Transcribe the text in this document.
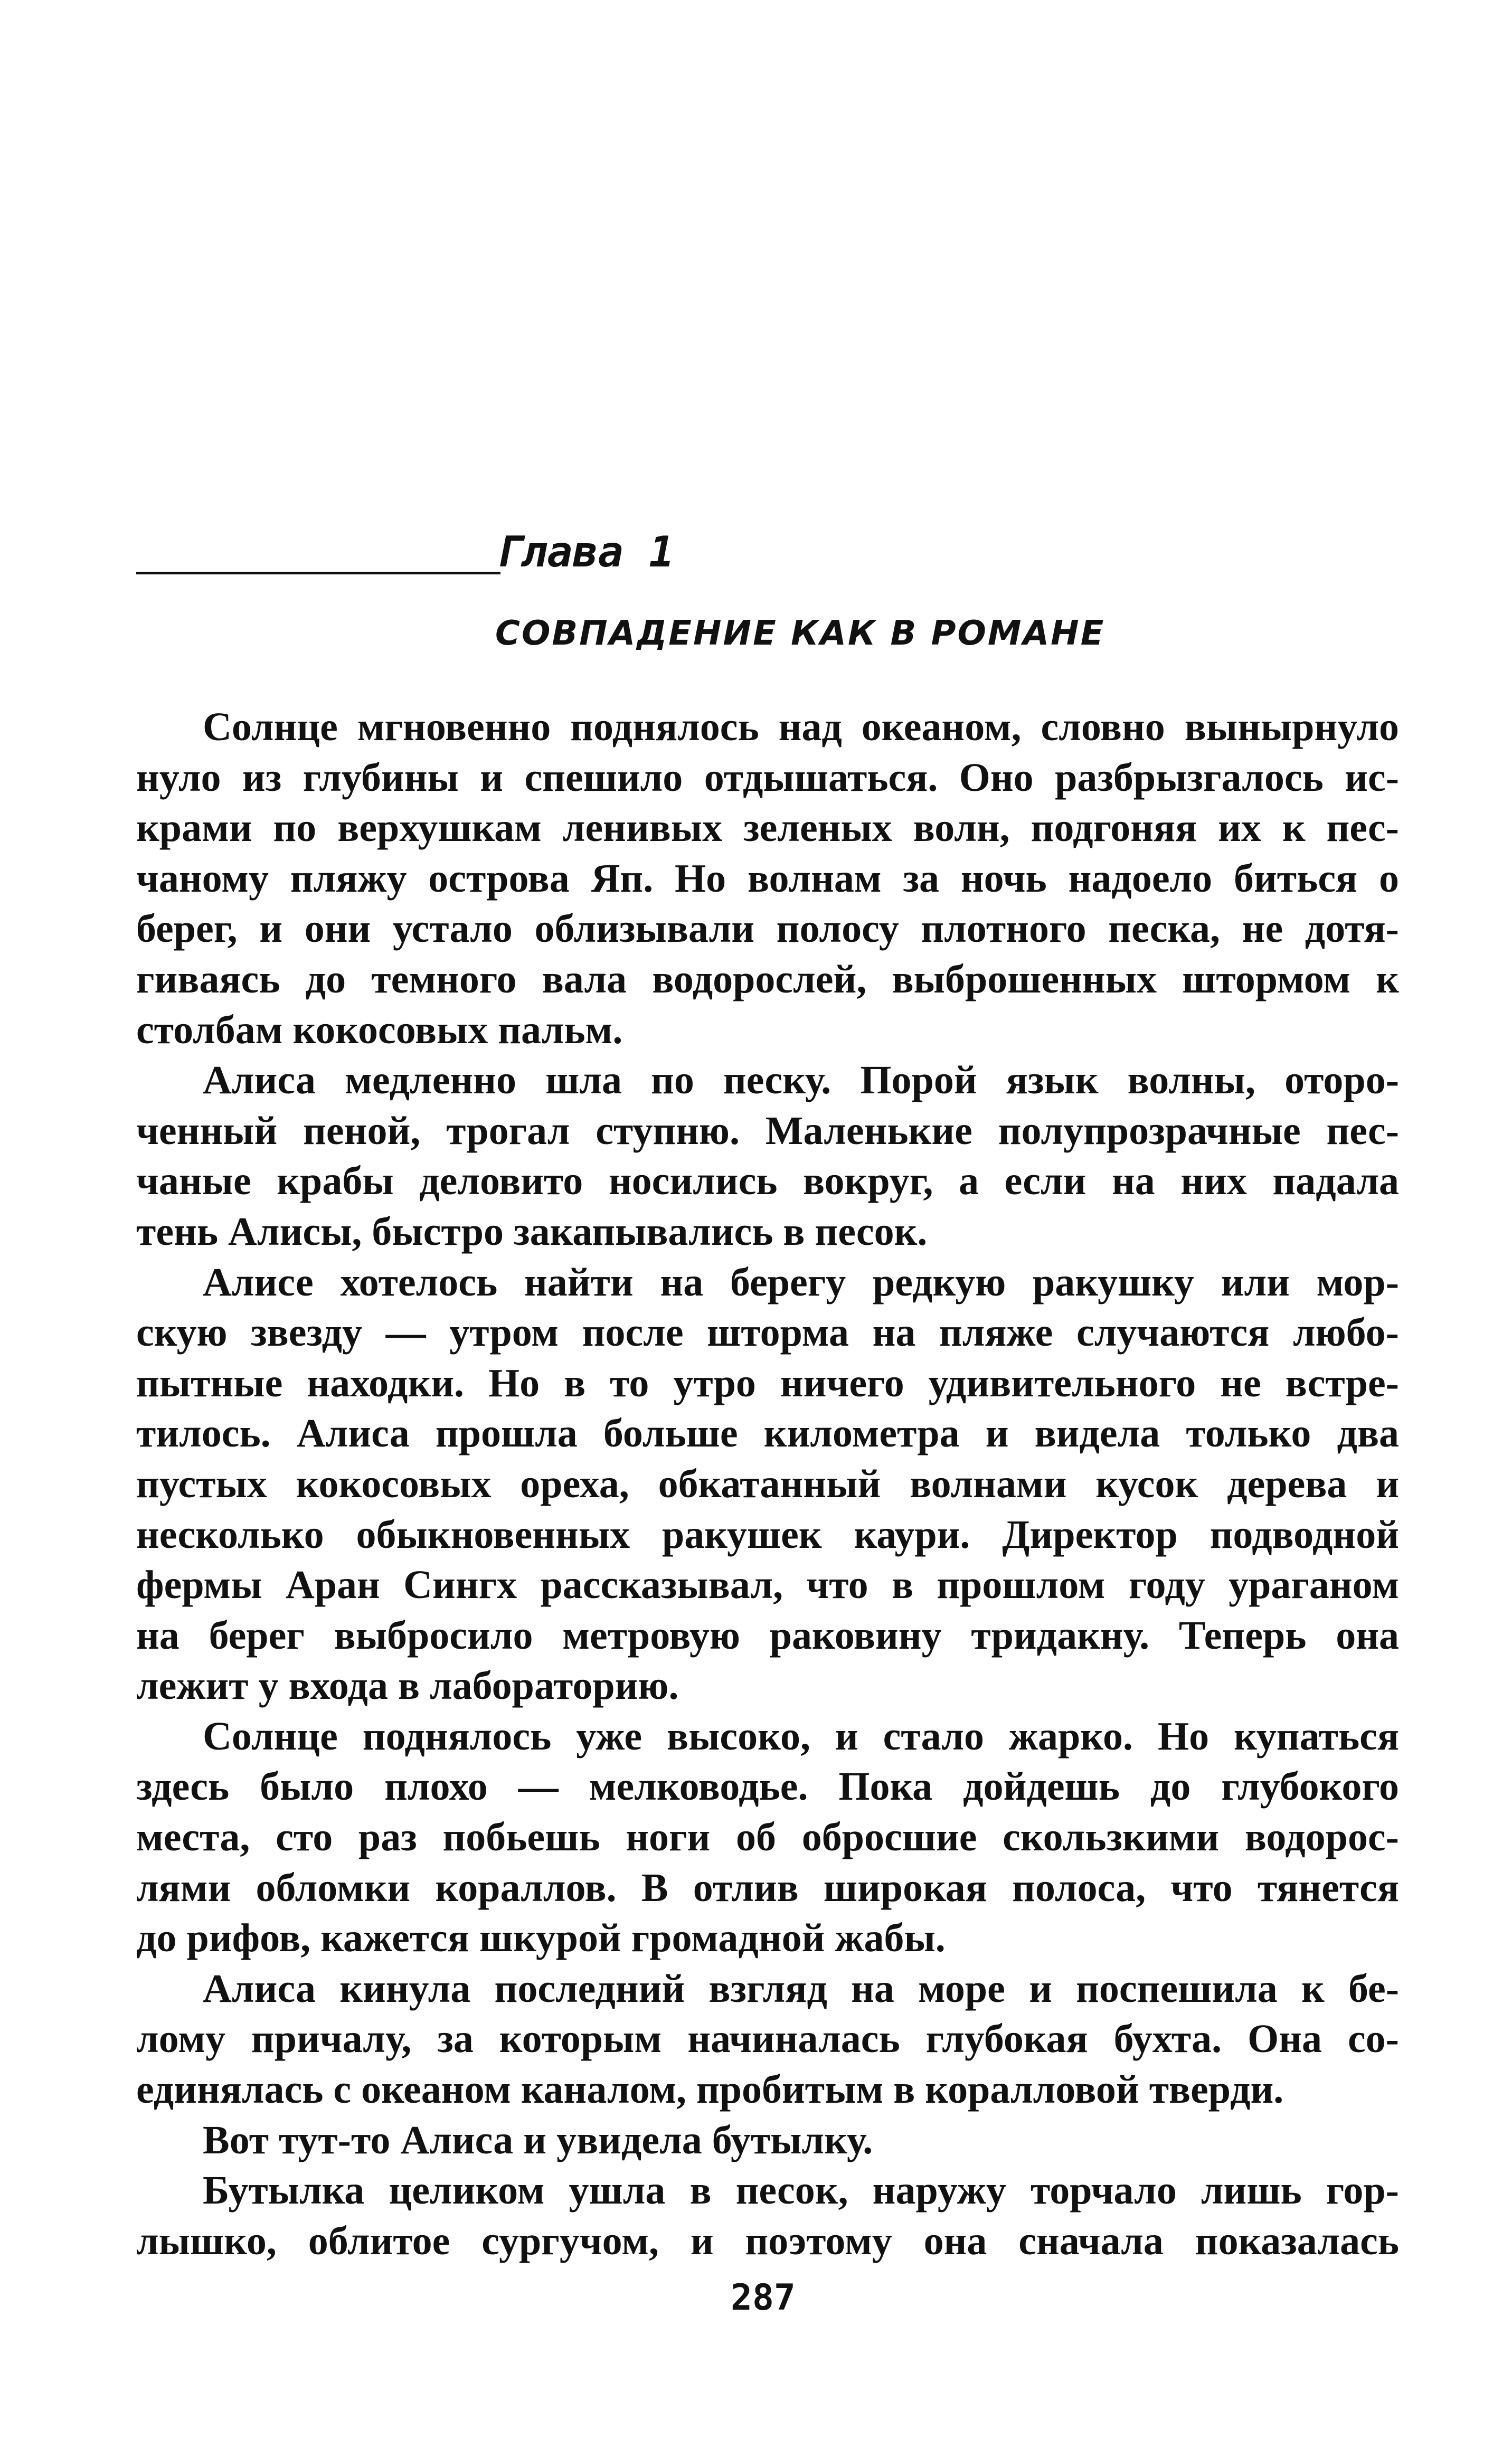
Глава 1
СОВПАДЕНИЕ КАК В РОМАНЕ
Солнце мгновенно поднялось над океаном, словно вынырнуло
нуло из глубины и спешило отдышаться. Оно разбрызгалось ис-
крами по верхушкам ленивых зеленых волн, подгоняя их к пес-
чаному пляжу острова Яп. Но волнам за ночь надоело биться о
берег, и они устало облизывали полосу плотного песка, не дотя-
гиваясь до темного вала водорослей, выброшенных штормом к
столбам кокосовых пальм.
Алиса медленно шла по песку. Порой язык волны, оторо-
ченный пеной, трогал ступню. Маленькие полупрозрачные пес-
чаные крабы деловито носились вокруг, а если на них падала
тень Алисы, быстро закапывались в песок.
Алисе хотелось найти на берегу редкую ракушку или мор-
скую звезду — утром после шторма на пляже случаются любо-
пытные находки. Но в то утро ничего удивительного не встре-
тилось. Алиса прошла больше километра и видела только два
пустых кокосовых ореха, обкатанный волнами кусок дерева и
несколько обыкновенных ракушек каури. Директор подводной
фермы Аран Сингх рассказывал, что в прошлом году ураганом
на берег выбросило метровую раковину тридакну. Теперь она
лежит у входа в лабораторию.
Солнце поднялось уже высоко, и стало жарко. Но купаться
здесь было плохо — мелководье. Пока дойдешь до глубокого
места, сто раз побьешь ноги об обросшие скользкими водорос-
лями обломки кораллов. В отлив широкая полоса, что тянется
до рифов, кажется шкурой громадной жабы.
Алиса кинула последний взгляд на море и поспешила к бе-
лому причалу, за которым начиналась глубокая бухта. Она со-
единялась с океаном каналом, пробитым в коралловой тверди.
Вот тут-то Алиса и увидела бутылку.
Бутылка целиком ушла в песок, наружу торчало лишь гор-
лышко, облитое сургучом, и поэтому она сначала показалась
287
